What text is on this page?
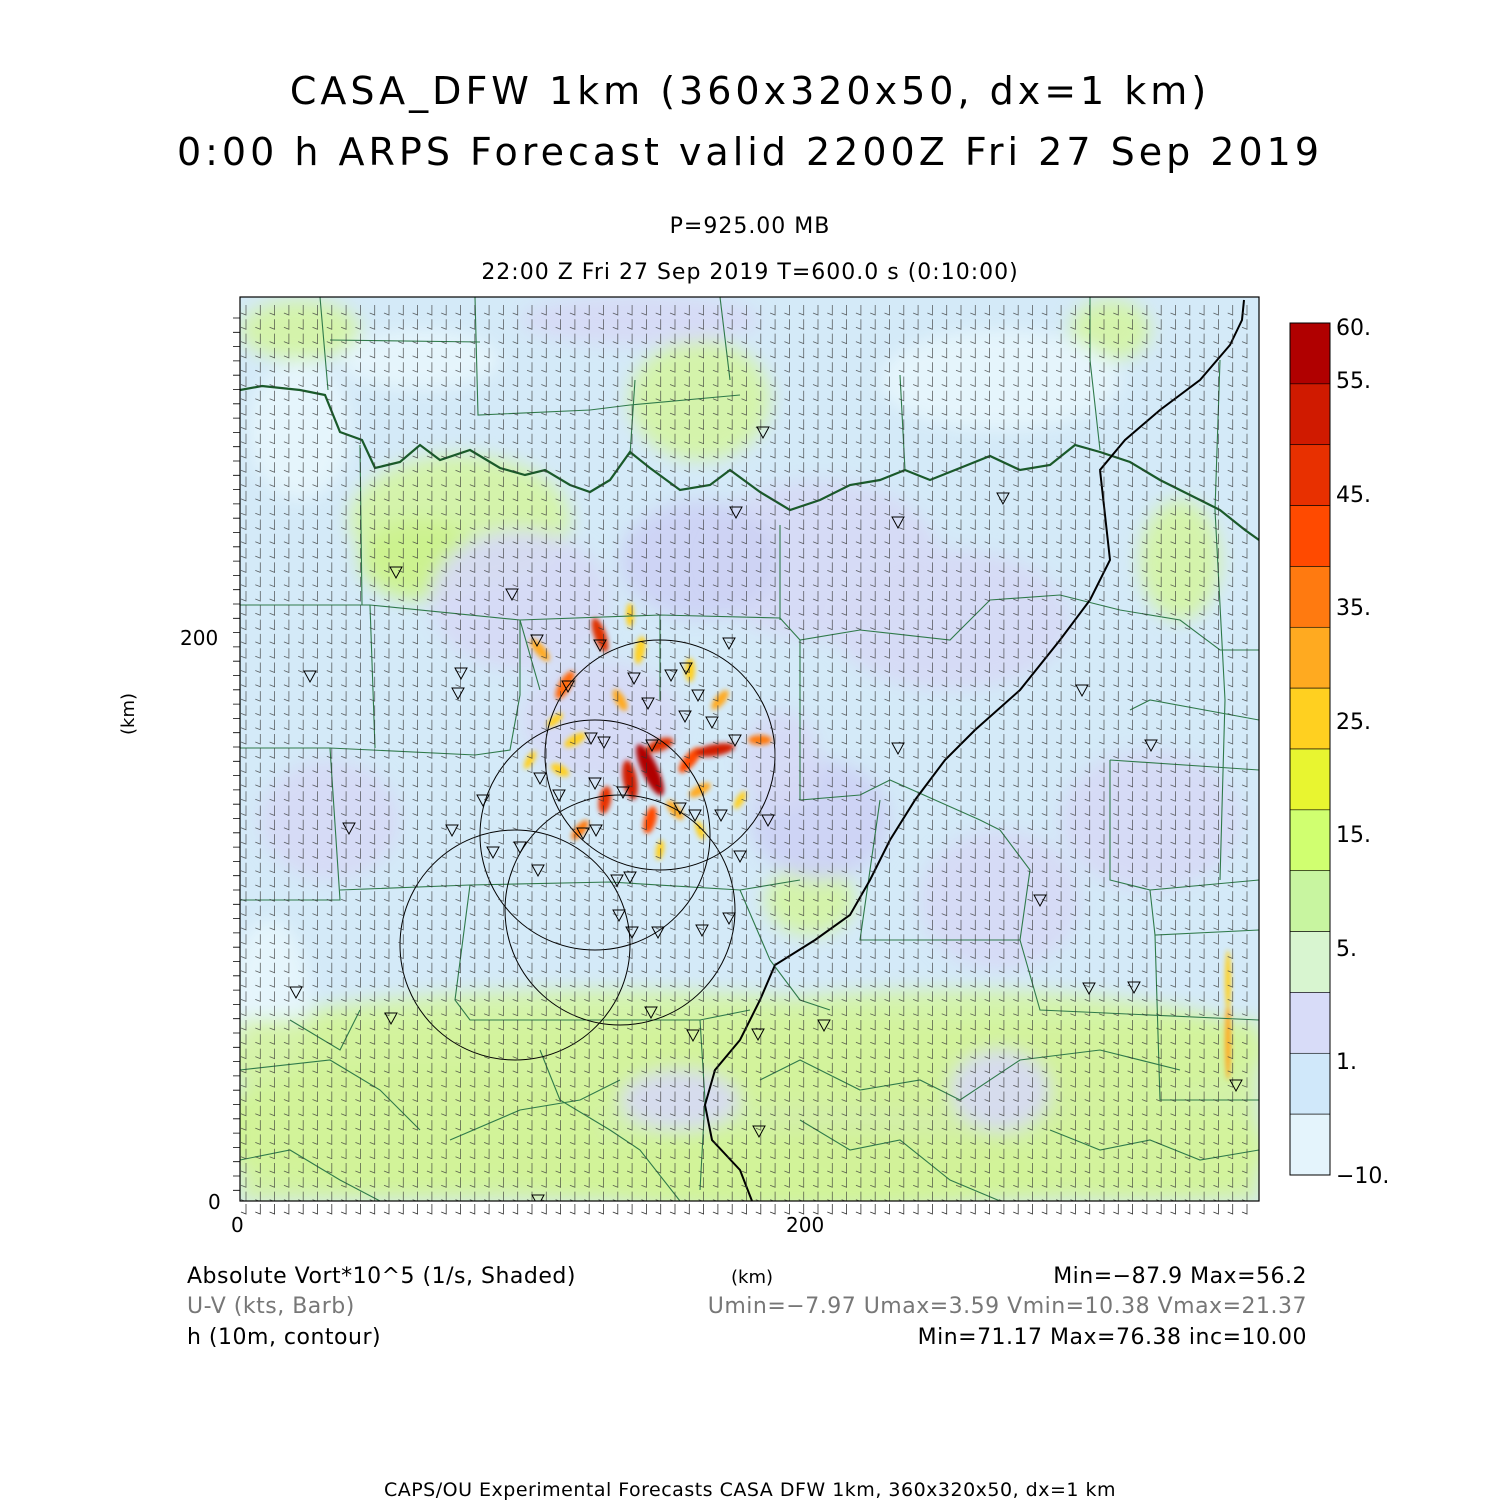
CASA_DFW 1km (360x320x50, dx=1 km)
0:00 h ARPS Forecast valid 2200Z Fri 27 Sep 2019
P=925.00 MB
22:00 Z Fri 27 Sep 2019 T=600.0 s (0:10:00)
200
0
0	200
(km)
60.
55.
45.
35.
25.
15.
5.
1.
−10.
Absolute Vort*10^5 (1/s, Shaded)
U-V (kts, Barb)
h (10m, contour)
(km)	Min=−87.9 Max=56.2
Umin=−7.97 Umax=3.59 Vmin=10.38 Vmax=21.37
Min=71.17 Max=76.38 inc=10.00
CAPS/OU Experimental Forecasts CASA DFW 1km, 360x320x50, dx=1 km
